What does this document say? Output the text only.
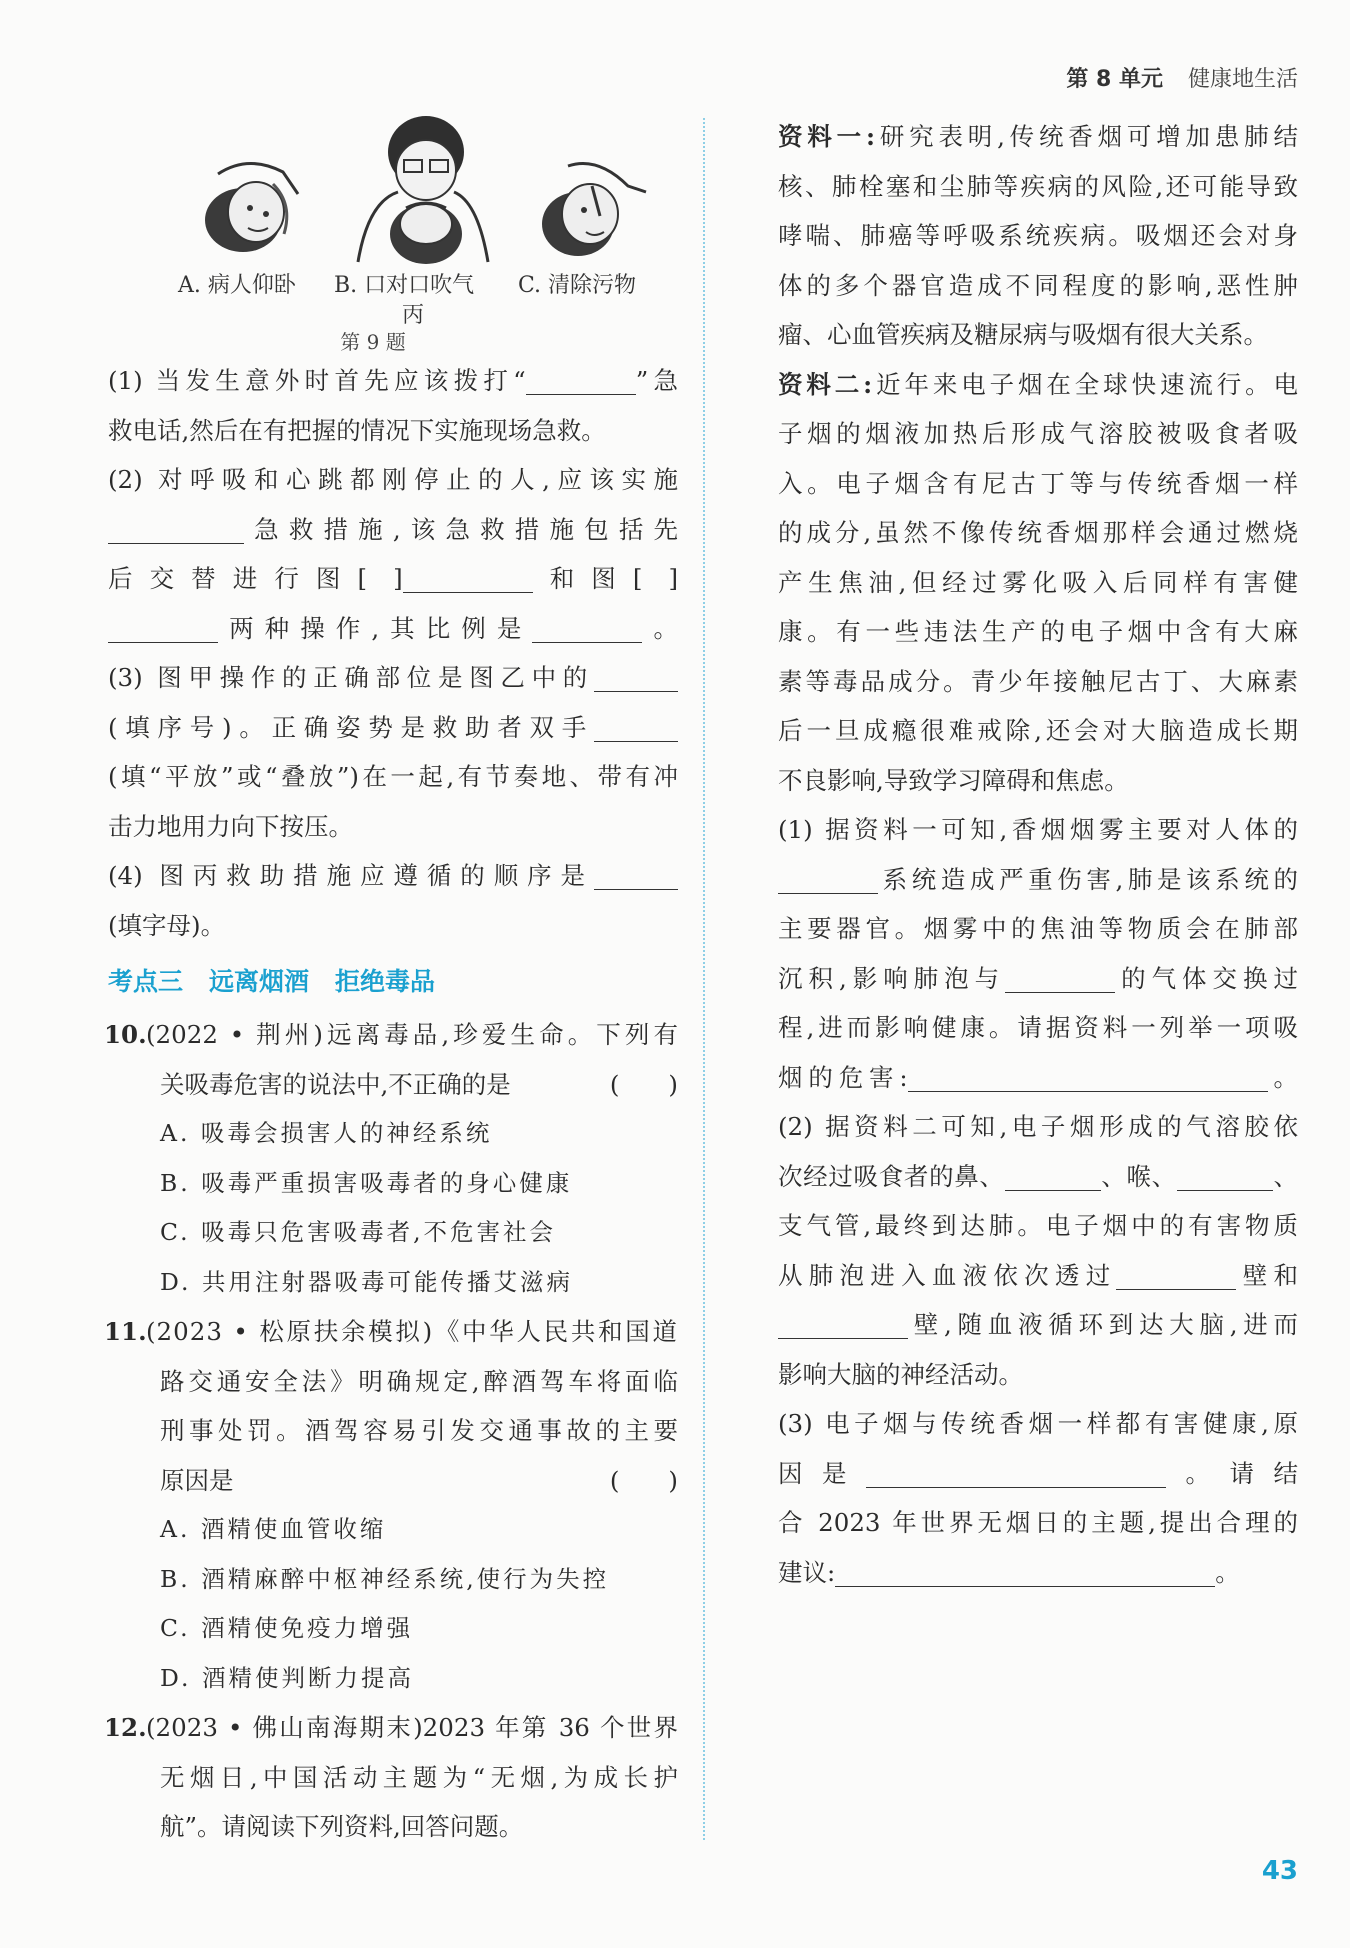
第 8 单元 健康地生活
A. 病人仰卧 B. 口对口吹气
丙
C. 清除污物
第 9 题
(1) 当发生意外时首先应该拨打“	”急
救电话,然后在有把握的情况下实施现场急救。
(2) 对呼吸和心跳都刚停止的人,应该实施
急救措施,该急救措施包括先
后交替进行图[ ]	和图[ ]
两种操作,其比例是	。
(3) 图甲操作的正确部位是图乙中的
(填序号)。正确姿势是救助者双手
(填“平放”或“叠放”)在一起,有节奏地、带有冲
击力地用力向下按压。
(4) 图丙救助措施应遵循的顺序是
(填字母)。
考点三 远离烟酒 拒绝毒品
10.(2022 • 荆州)远离毒品,珍爱生命。下列有
关吸毒危害的说法中,不正确的是	(　　)
A. 吸毒会损害人的神经系统
B. 吸毒严重损害吸毒者的身心健康
C. 吸毒只危害吸毒者,不危害社会
D. 共用注射器吸毒可能传播艾滋病
11.(2023 • 松原扶余模拟)《中华人民共和国道
路交通安全法》明确规定,醉酒驾车将面临
刑事处罚。酒驾容易引发交通事故的主要
原因是	(　　)
A. 酒精使血管收缩
B. 酒精麻醉中枢神经系统,使行为失控
C. 酒精使免疫力增强
D. 酒精使判断力提高
12.(2023 • 佛山南海期末)2023 年第 36 个世界
无烟日,中国活动主题为“无烟,为成长护
航”。请阅读下列资料,回答问题。
资料一:研究表明,传统香烟可增加患肺结
核、肺栓塞和尘肺等疾病的风险,还可能导致
哮喘、肺癌等呼吸系统疾病。吸烟还会对身
体的多个器官造成不同程度的影响,恶性肿
瘤、心血管疾病及糖尿病与吸烟有很大关系。
资料二:近年来电子烟在全球快速流行。电
子烟的烟液加热后形成气溶胶被吸食者吸
入。电子烟含有尼古丁等与传统香烟一样
的成分,虽然不像传统香烟那样会通过燃烧
产生焦油,但经过雾化吸入后同样有害健
康。有一些违法生产的电子烟中含有大麻
素等毒品成分。青少年接触尼古丁、大麻素
后一旦成瘾很难戒除,还会对大脑造成长期
不良影响,导致学习障碍和焦虑。
(1) 据资料一可知,香烟烟雾主要对人体的
系统造成严重伤害,肺是该系统的
主要器官。烟雾中的焦油等物质会在肺部
沉积,影响肺泡与	的气体交换过
程,进而影响健康。请据资料一列举一项吸
烟的危害:	。
(2) 据资料二可知,电子烟形成的气溶胶依
次经过吸食者的鼻、	、喉、	、
支气管,最终到达肺。电子烟中的有害物质
从肺泡进入血液依次透过	壁和
壁,随血液循环到达大脑,进而
影响大脑的神经活动。
(3) 电子烟与传统香烟一样都有害健康,原
因是	。请结
合 2023 年世界无烟日的主题,提出合理的
建议:	。
43
